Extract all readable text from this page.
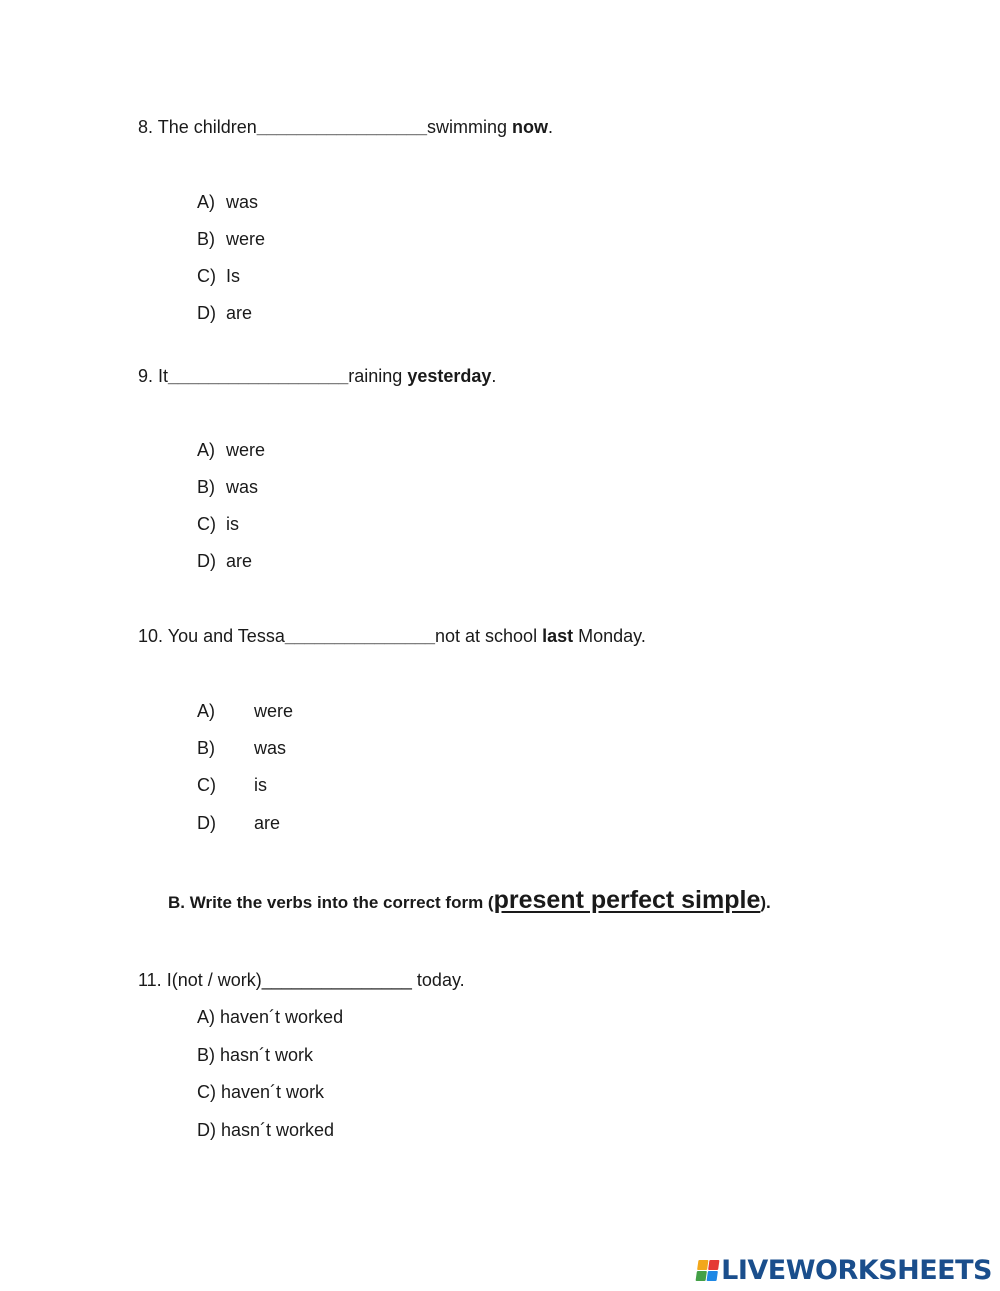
8. The children_________________swimming now.
A) was
B) were
C) Is
D) are
9. It__________________raining yesterday.
A) were
B) was
C) is
D) are
10. You and Tessa_______________not at school last Monday.
A) were
B) was
C) is
D) are
B. Write the verbs into the correct form (present perfect simple).
11. I(not / work)_______________ today.
A) haven´t worked
B) hasn´t work
C) haven´t work
D) hasn´t worked
LIVEWORKSHEETS
